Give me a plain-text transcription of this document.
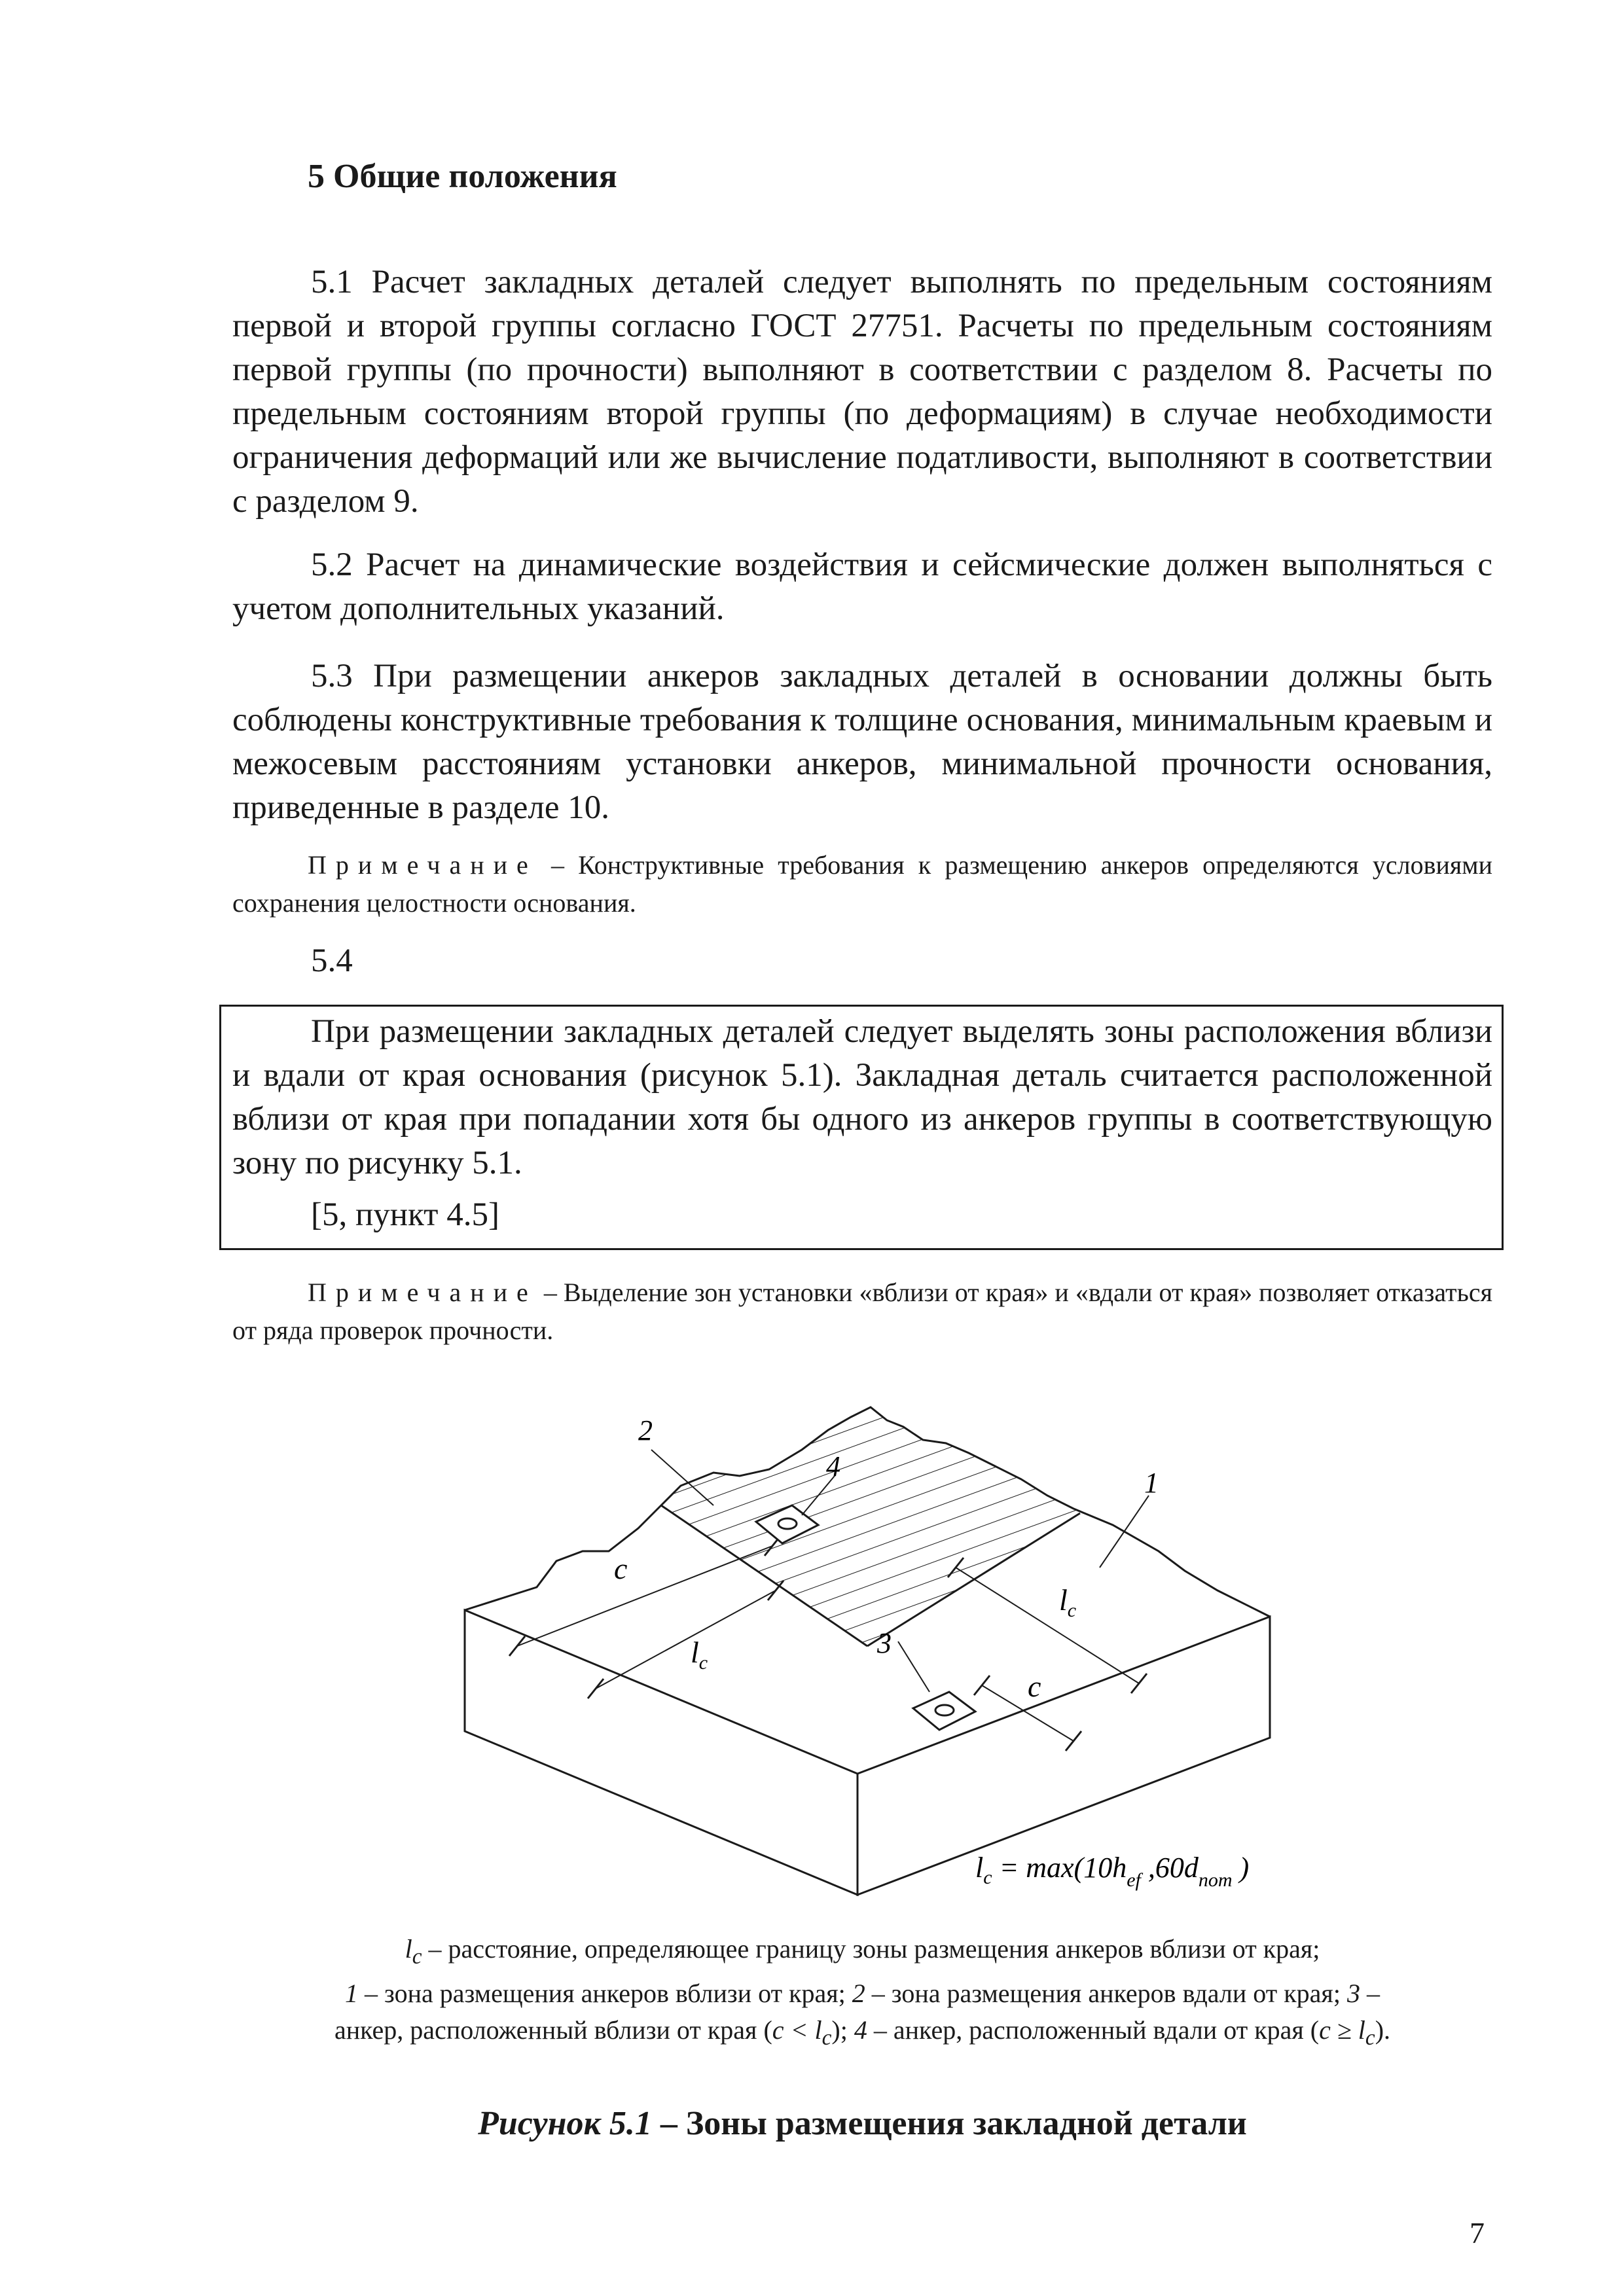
5 Общие положения

5.1 Расчет закладных деталей следует выполнять по предельным состояниям первой и второй группы согласно ГОСТ 27751. Расчеты по предельным состояниям первой группы (по прочности) выполняют в соответствии с разделом 8. Расчеты по предельным состояниям второй группы (по деформациям) в случае необходимости ограничения деформаций или же вычисление податливости, выполняют в соответствии с разделом 9.

5.2 Расчет на динамические воздействия и сейсмические должен выполняться с учетом дополнительных указаний.

5.3 При размещении анкеров закладных деталей в основании должны быть соблюдены конструктивные требования к толщине основания, минимальным краевым и межосевым расстояниям установки анкеров, минимальной прочности основания, приведенные в разделе 10.

Примечание – Конструктивные требования к размещению анкеров определяются условиями сохранения целостности основания.

5.4

При размещении закладных деталей следует выделять зоны расположения вблизи и вдали от края основания (рисунок 5.1). Закладная деталь считается расположенной вблизи от края при попадании хотя бы одного из анкеров группы в соответствующую зону по рисунку 5.1.

[5, пункт 4.5]

Примечание – Выделение зон установки «вблизи от края» и «вдали от края» позволяет отказаться от ряда проверок прочности.

2
4
1
3
c
c
$l_c$
$l_c$
$l_c = \max(10h_{ef}$ $,60d_{nom}$ )

$l_c$ – расстояние, определяющее границу зоны размещения анкеров вблизи от края;

1 – зона размещения анкеров вблизи от края; 2 – зона размещения анкеров вдали от края; 3 –

анкер, расположенный вблизи от края $(c < l_c)$; 4 – анкер, расположенный вдали от края $(c \ge l_c)$.

Рисунок 5.1 – Зоны размещения закладной детали
7
